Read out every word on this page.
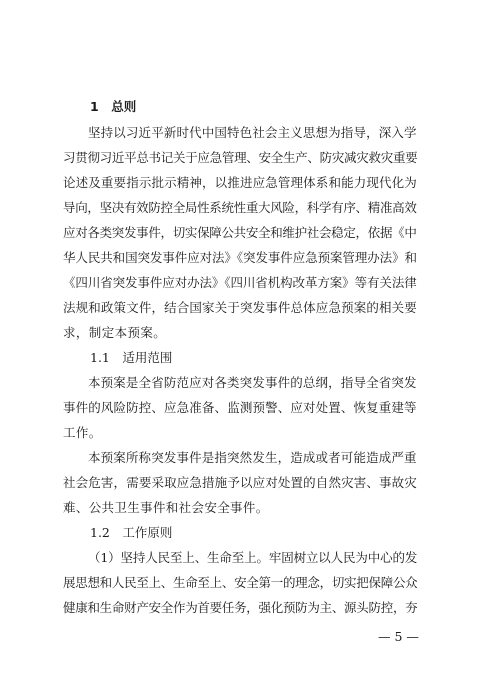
1　总则
坚持以习近平新时代中国特色社会主义思想为指导，深入学
习贯彻习近平总书记关于应急管理、安全生产、防灾减灾救灾重要
论述及重要指示批示精神，以推进应急管理体系和能力现代化为
导向，坚决有效防控全局性系统性重大风险，科学有序、精准高效
应对各类突发事件，切实保障公共安全和维护社会稳定，依据《中
华人民共和国突发事件应对法》《突发事件应急预案管理办法》和
《四川省突发事件应对办法》《四川省机构改革方案》等有关法律
法规和政策文件，结合国家关于突发事件总体应急预案的相关要
求，制定本预案。
1.1　适用范围
本预案是全省防范应对各类突发事件的总纲，指导全省突发
事件的风险防控、应急准备、监测预警、应对处置、恢复重建等
工作。
本预案所称突发事件是指突然发生，造成或者可能造成严重
社会危害，需要采取应急措施予以应对处置的自然灾害、事故灾
难、公共卫生事件和社会安全事件。
1.2　工作原则
（1）坚持人民至上、生命至上。牢固树立以人民为中心的发
展思想和人民至上、生命至上、安全第一的理念，切实把保障公众
健康和生命财产安全作为首要任务，强化预防为主、源头防控，夯
— 5 —
